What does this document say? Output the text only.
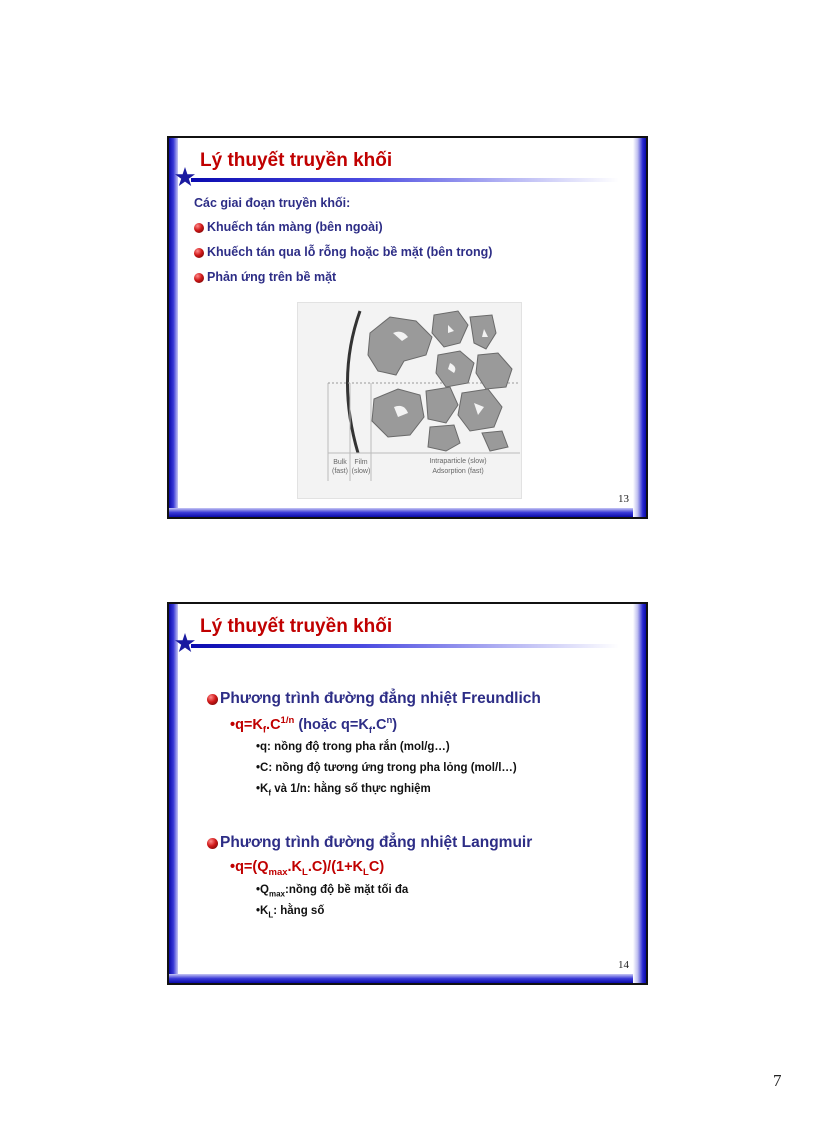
Lý thuyết truyền khối
Các giai đoạn truyền khối:
Khuếch tán màng (bên ngoài)
Khuếch tán qua lỗ rỗng hoặc bề mặt (bên trong)
Phản ứng trên bề mặt
Bulk (fast)
Film (slow)
Intraparticle (slow)
Adsorption (fast)
13
Lý thuyết truyền khối
Phương trình đường đẳng nhiệt Freundlich
$•q=K_f.C^{1/n}$ (hoặc $q=K_f.C^n$)
•q: nồng độ trong pha rắn (mol/g…)
•C: nồng độ tương ứng trong pha lỏng (mol/l…)
$•K_f$ và 1/n: hằng số thực nghiệm
Phương trình đường đẳng nhiệt Langmuir
$•q=(Q_{max}.K_L.C)/(1+K_LC)$
$•Q_{max}:nồng$ độ bề mặt tối đa
$•K_L$: hằng số
14
7
